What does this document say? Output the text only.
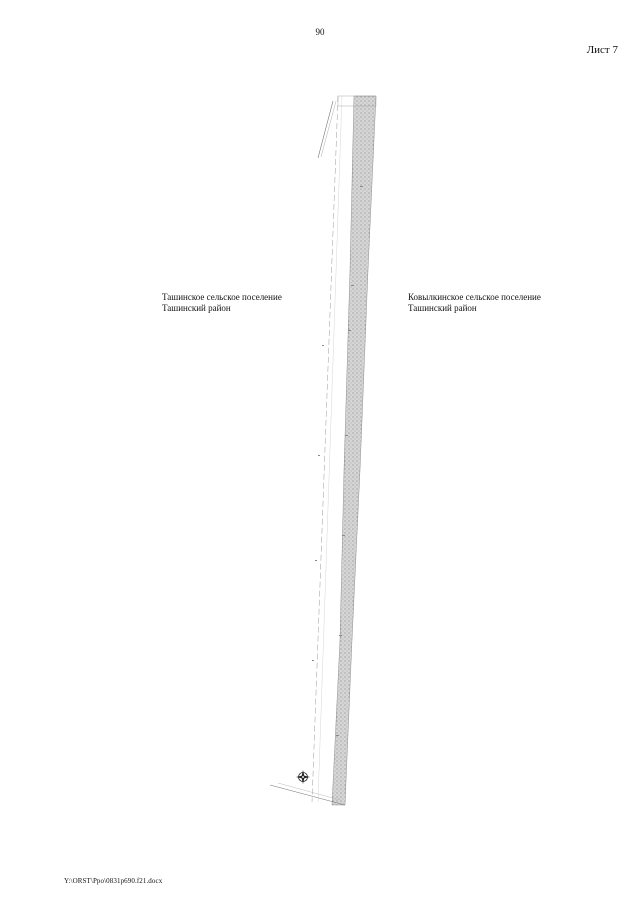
90
Лист 7
Ташинское сельское поселение
Ташинский район
Ковылкинское сельское поселение
Ташинский район
Y:\ORST\Ppo\0831p690.f21.docx
